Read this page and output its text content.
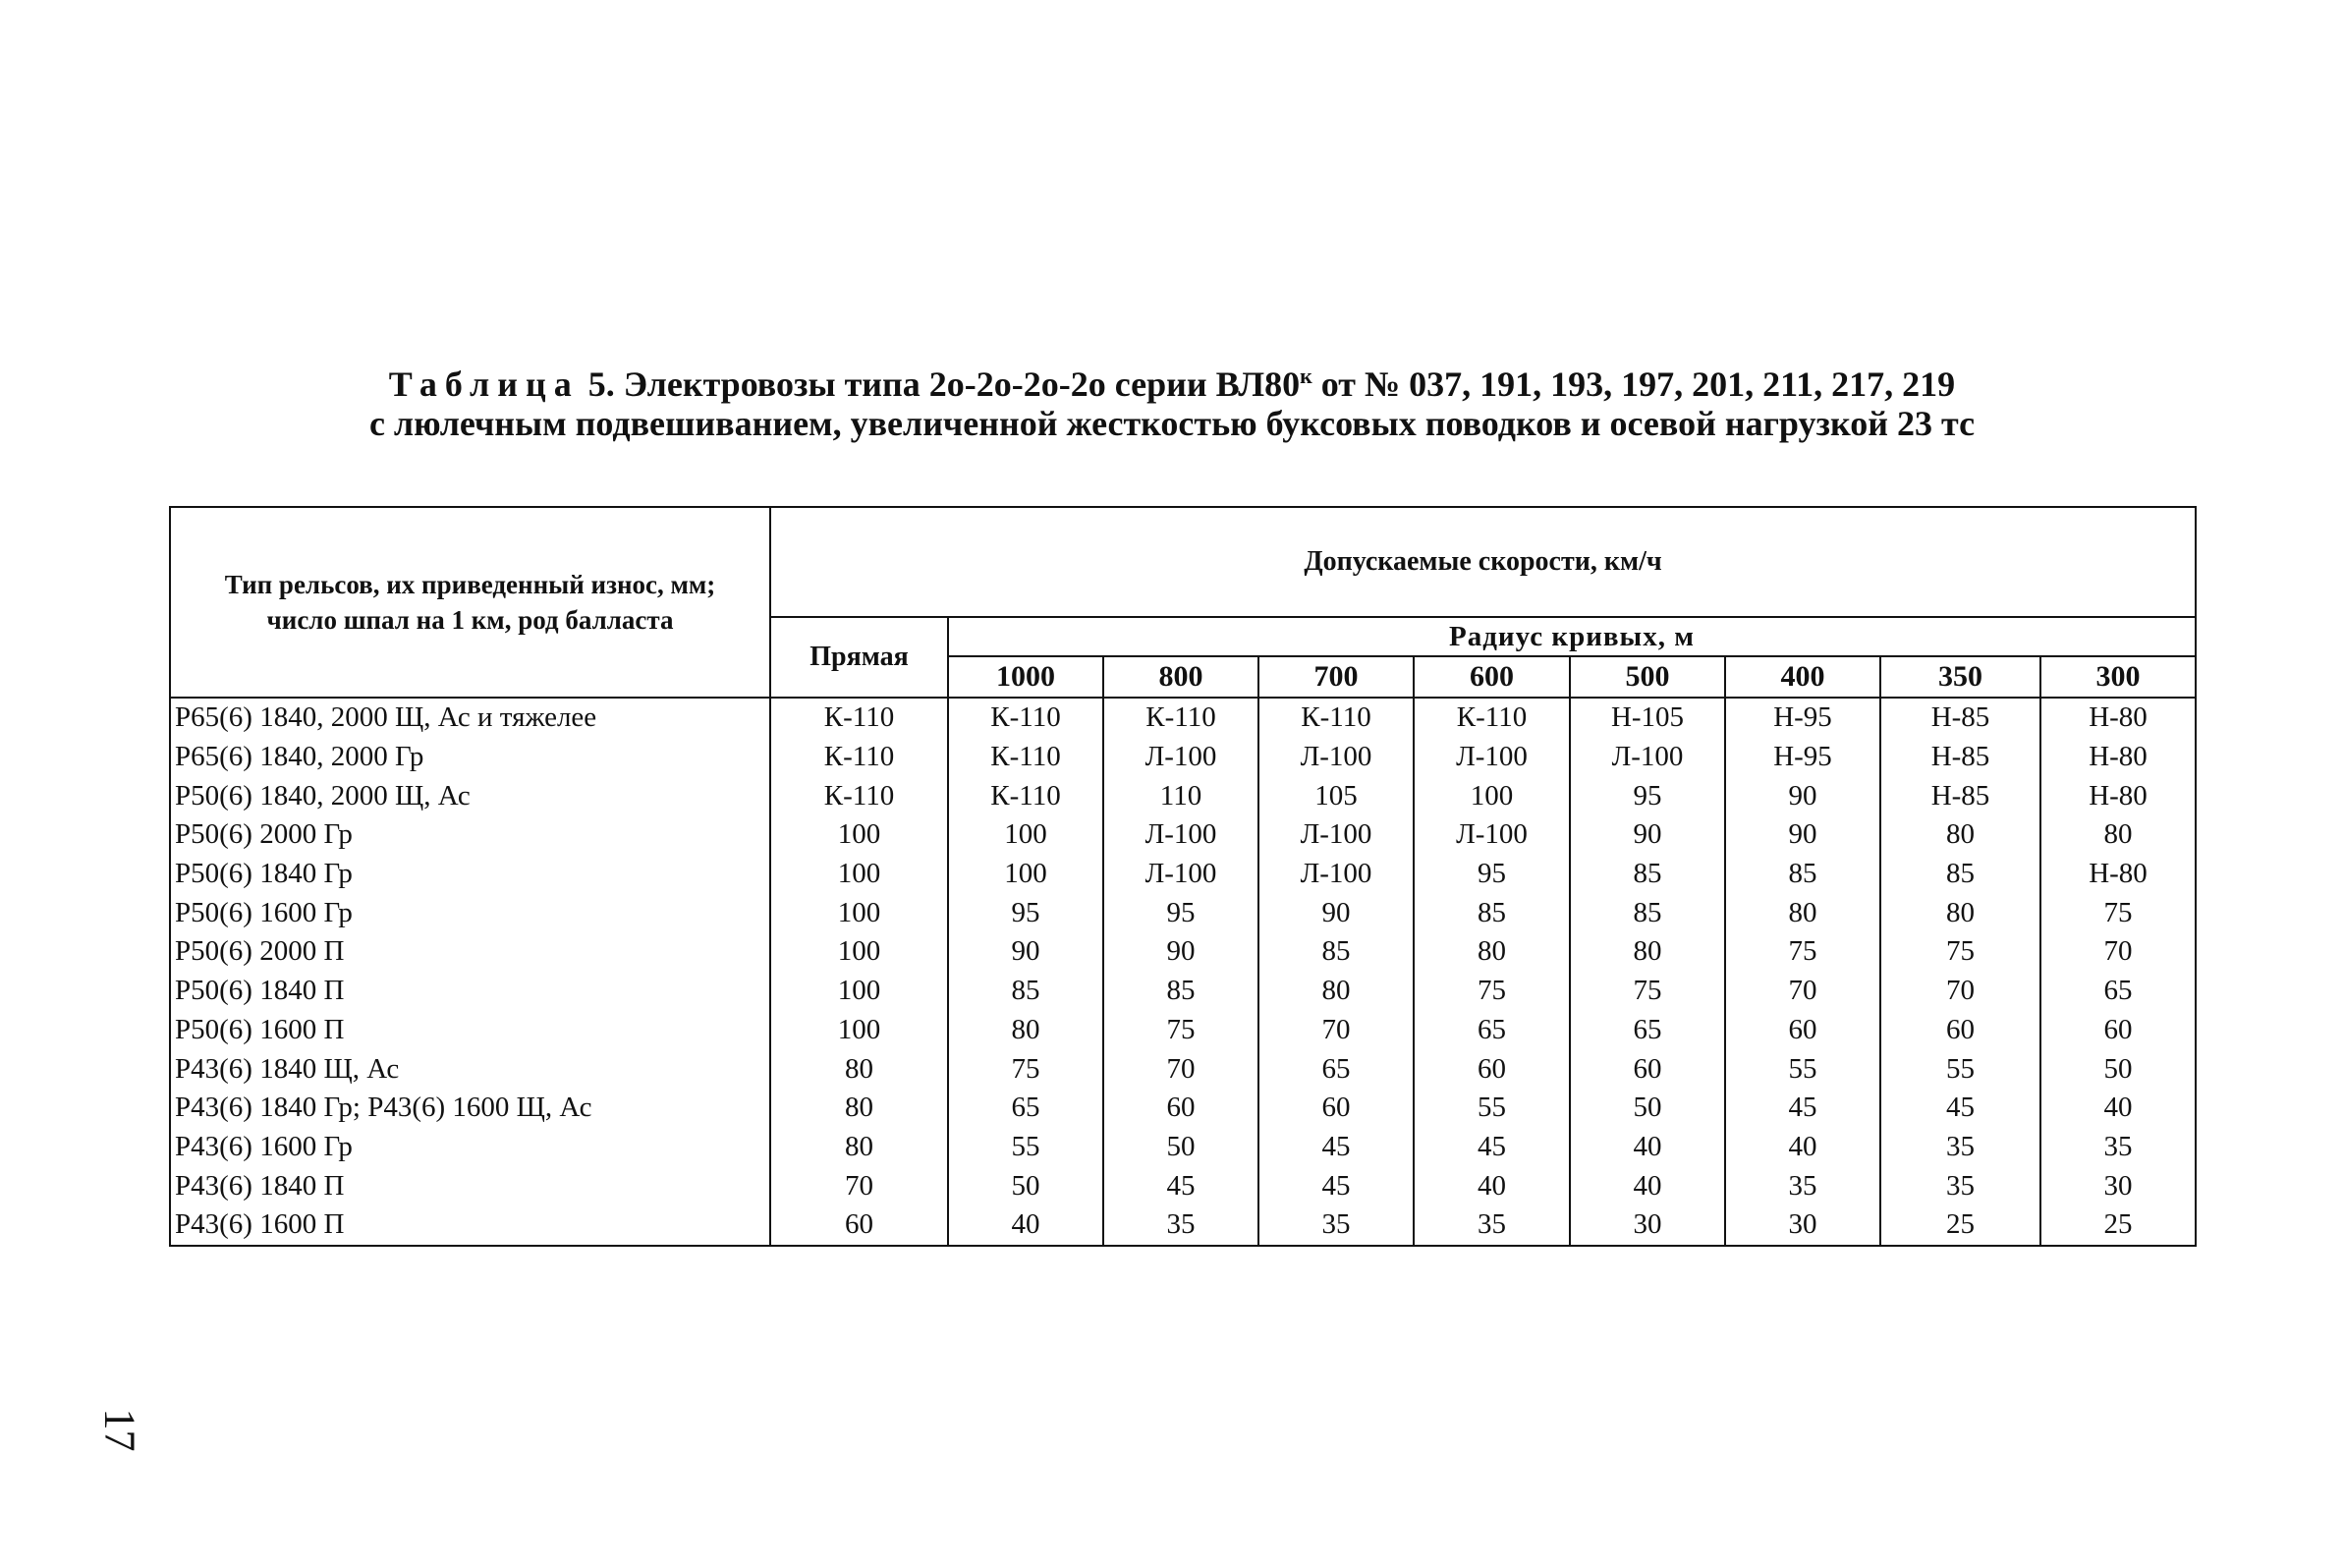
Таблица 5. Электровозы типа 2о-2о-2о-2о серии $ВЛ80^к$ от № 037, 191, 193, 197, 201, 211, 217, 219
с люлечным подвешиванием, увеличенной жесткостью буксовых поводков и осевой нагрузкой 23 тс
Тип рельсов, их приведенный износ, мм; число шпал на 1 км, род балласта	Допускаемые скорости, км/ч								
	Прямая	Радиус кривых, м							
		1000	800	700	600	500	400	350	300
Р65(6) 1840, 2000 Щ, Ас и тяжелее	К-110	К-110	К-110	К-110	К-110	Н-105	Н-95	Н-85	Н-80
Р65(6) 1840, 2000 Гр	К-110	К-110	Л-100	Л-100	Л-100	Л-100	Н-95	Н-85	Н-80
Р50(6) 1840, 2000 Щ, Ас	К-110	К-110	110	105	100	95	90	Н-85	Н-80
Р50(6) 2000 Гр	100	100	Л-100	Л-100	Л-100	90	90	80	80
Р50(6) 1840 Гр	100	100	Л-100	Л-100	95	85	85	85	Н-80
Р50(6) 1600 Гр	100	95	95	90	85	85	80	80	75
Р50(6) 2000 П	100	90	90	85	80	80	75	75	70
Р50(6) 1840 П	100	85	85	80	75	75	70	70	65
Р50(6) 1600 П	100	80	75	70	65	65	60	60	60
Р43(6) 1840 Щ, Ас	80	75	70	65	60	60	55	55	50
Р43(6) 1840 Гр; Р43(6) 1600 Щ, Ас	80	65	60	60	55	50	45	45	40
Р43(6) 1600 Гр	80	55	50	45	45	40	40	35	35
Р43(6) 1840 П	70	50	45	45	40	40	35	35	30
Р43(6) 1600 П	60	40	35	35	35	30	30	25	25
17
